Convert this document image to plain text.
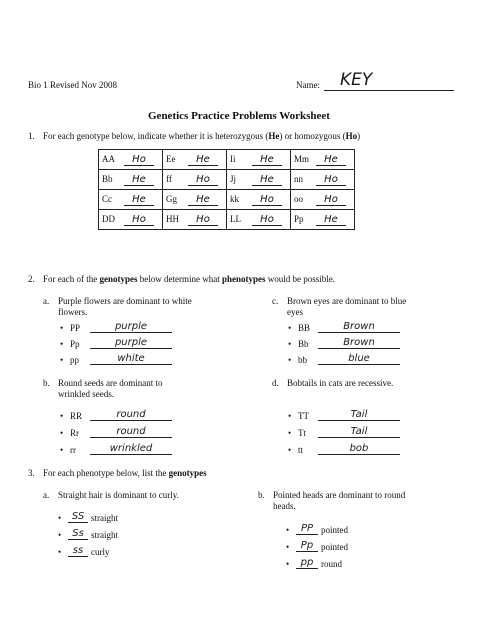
Bio 1 Revised Nov 2008	Name: KEY
Genetics Practice Problems Worksheet
1. For each genotype below, indicate whether it is heterozygous (He) or homozygous (Ho)
AA Ho	Ee He	Ii He	Mm He
Bb He	ff Ho	Jj He	nn Ho
Cc He	Gg He	kk Ho	oo Ho
DD Ho	HH Ho	LL Ho	Pp He
2. For each of the genotypes below determine what phenotypes would be possible.
a. Purple flowers are dominant to white
flowers.
• PP	purple
• Pp	purple
• pp	white
c. Brown eyes are dominant to blue
eyes
• BB	Brown
• Bb	Brown
• bb	blue
b. Round seeds are dominant to
wrinkled seeds.
• RR	round
• Rr	round
• rr	wrinkled
d. Bobtails in cats are recessive.
• TT	Tail
• Tt	Tail
• tt	bob
3. For each phenotype below, list the genotypes
a. Straight hair is dominant to curly.
• SS straight
• Ss straight
• ss curly
b. Pointed heads are dominant to round
heads.
• PP pointed
• Pp pointed
• pp round
